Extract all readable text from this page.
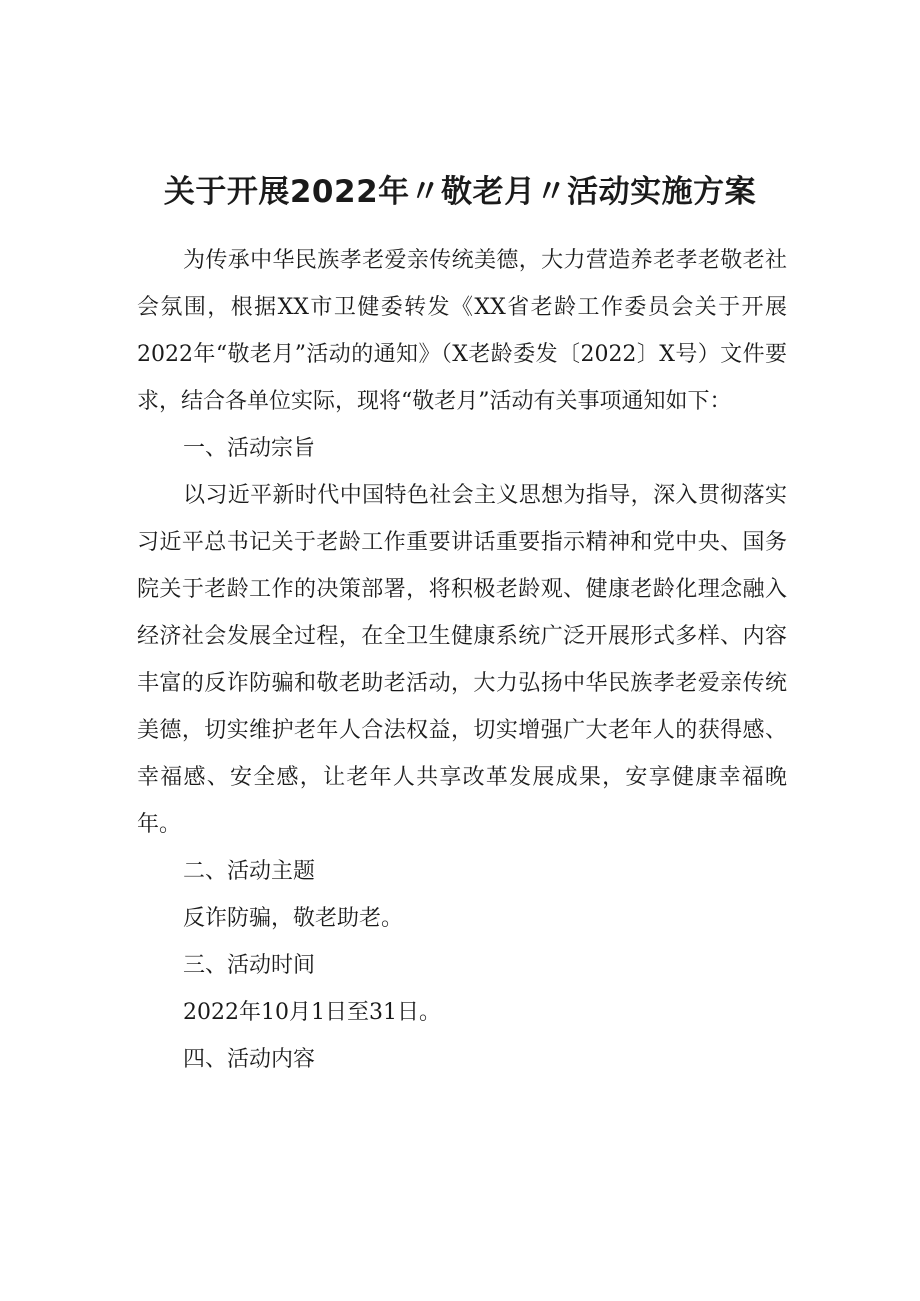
关于开展2022年〃敬老月〃活动实施方案

为传承中华民族孝老爱亲传统美德，大力营造养老孝老敬老社会氛围，根据XX市卫健委转发《XX省老龄工作委员会关于开展2022年“敬老月”活动的通知》（X老龄委发〔2022〕X号）文件要求，结合各单位实际，现将“敬老月”活动有关事项通知如下：

一、活动宗旨

以习近平新时代中国特色社会主义思想为指导，深入贯彻落实习近平总书记关于老龄工作重要讲话重要指示精神和党中央、国务院关于老龄工作的决策部署，将积极老龄观、健康老龄化理念融入经济社会发展全过程，在全卫生健康系统广泛开展形式多样、内容丰富的反诈防骗和敬老助老活动，大力弘扬中华民族孝老爱亲传统美德，切实维护老年人合法权益，切实增强广大老年人的获得感、幸福感、安全感，让老年人共享改革发展成果，安享健康幸福晚年。

二、活动主题

反诈防骗，敬老助老。

三、活动时间

2022年10月1日至31日。

四、活动内容
